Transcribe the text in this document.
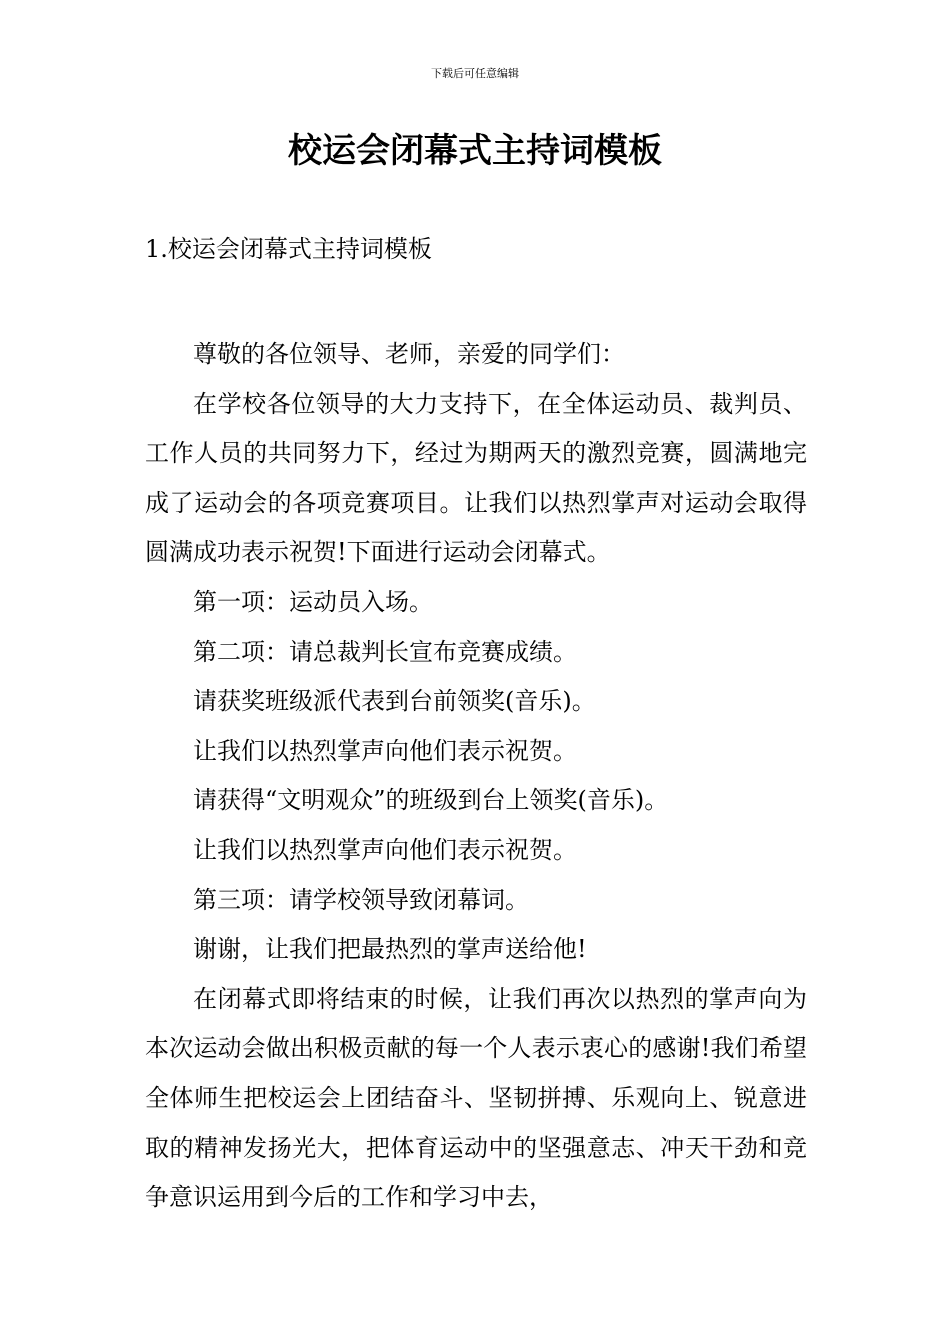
下载后可任意编辑
校运会闭幕式主持词模板
1.校运会闭幕式主持词模板

尊敬的各位领导、老师，亲爱的同学们：

在学校各位领导的大力支持下，在全体运动员、裁判员、工作人员的共同努力下，经过为期两天的激烈竞赛，圆满地完成了运动会的各项竞赛项目。让我们以热烈掌声对运动会取得圆满成功表示祝贺!下面进行运动会闭幕式。

第一项：运动员入场。

第二项：请总裁判长宣布竞赛成绩。

请获奖班级派代表到台前领奖(音乐)。

让我们以热烈掌声向他们表示祝贺。

请获得“文明观众”的班级到台上领奖(音乐)。

让我们以热烈掌声向他们表示祝贺。

第三项：请学校领导致闭幕词。

谢谢，让我们把最热烈的掌声送给他!

在闭幕式即将结束的时候，让我们再次以热烈的掌声向为本次运动会做出积极贡献的每一个人表示衷心的感谢!我们希望全体师生把校运会上团结奋斗、坚韧拼搏、乐观向上、锐意进取的精神发扬光大，把体育运动中的坚强意志、冲天干劲和竞争意识运用到今后的工作和学习中去，
